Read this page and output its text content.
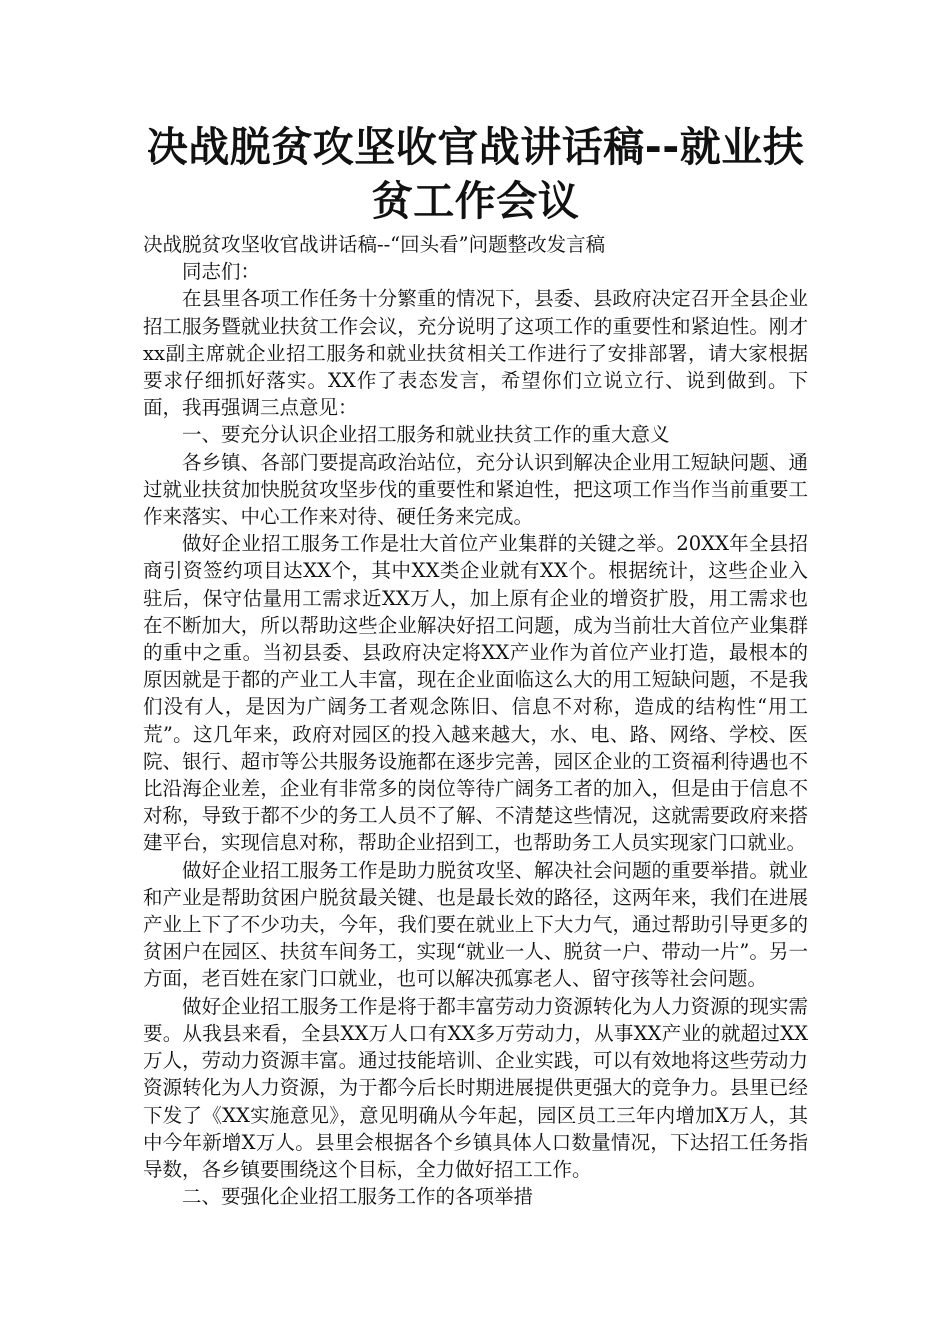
决战脱贫攻坚收官战讲话稿--就业扶贫工作会议

决战脱贫攻坚收官战讲话稿--“回头看”问题整改发言稿

同志们：

在县里各项工作任务十分繁重的情况下，县委、县政府决定召开全县企业招工服务暨就业扶贫工作会议，充分说明了这项工作的重要性和紧迫性。刚才xx副主席就企业招工服务和就业扶贫相关工作进行了安排部署，请大家根据要求仔细抓好落实。XX作了表态发言，希望你们立说立行、说到做到。下面，我再强调三点意见：

一、要充分认识企业招工服务和就业扶贫工作的重大意义

各乡镇、各部门要提高政治站位，充分认识到解决企业用工短缺问题、通过就业扶贫加快脱贫攻坚步伐的重要性和紧迫性，把这项工作当作当前重要工作来落实、中心工作来对待、硬任务来完成。

做好企业招工服务工作是壮大首位产业集群的关键之举。20XX年全县招商引资签约项目达XX个，其中XX类企业就有XX个。根据统计，这些企业入驻后，保守估量用工需求近XX万人，加上原有企业的增资扩股，用工需求也在不断加大，所以帮助这些企业解决好招工问题，成为当前壮大首位产业集群的重中之重。当初县委、县政府决定将XX产业作为首位产业打造，最根本的原因就是于都的产业工人丰富，现在企业面临这么大的用工短缺问题，不是我们没有人，是因为广阔务工者观念陈旧、信息不对称，造成的结构性“用工荒”。这几年来，政府对园区的投入越来越大，水、电、路、网络、学校、医院、银行、超市等公共服务设施都在逐步完善，园区企业的工资福利待遇也不比沿海企业差，企业有非常多的岗位等待广阔务工者的加入，但是由于信息不对称，导致于都不少的务工人员不了解、不清楚这些情况，这就需要政府来搭建平台，实现信息对称，帮助企业招到工，也帮助务工人员实现家门口就业。

做好企业招工服务工作是助力脱贫攻坚、解决社会问题的重要举措。就业和产业是帮助贫困户脱贫最关键、也是最长效的路径，这两年来，我们在进展产业上下了不少功夫，今年，我们要在就业上下大力气，通过帮助引导更多的贫困户在园区、扶贫车间务工，实现“就业一人、脱贫一户、带动一片”。另一方面，老百姓在家门口就业，也可以解决孤寡老人、留守孩等社会问题。

做好企业招工服务工作是将于都丰富劳动力资源转化为人力资源的现实需要。从我县来看，全县XX万人口有XX多万劳动力，从事XX产业的就超过XX万人，劳动力资源丰富。通过技能培训、企业实践，可以有效地将这些劳动力资源转化为人力资源，为于都今后长时期进展提供更强大的竞争力。县里已经下发了《XX实施意见》，意见明确从今年起，园区员工三年内增加X万人，其中今年新增X万人。县里会根据各个乡镇具体人口数量情况，下达招工任务指导数，各乡镇要围绕这个目标，全力做好招工工作。

二、要强化企业招工服务工作的各项举措
